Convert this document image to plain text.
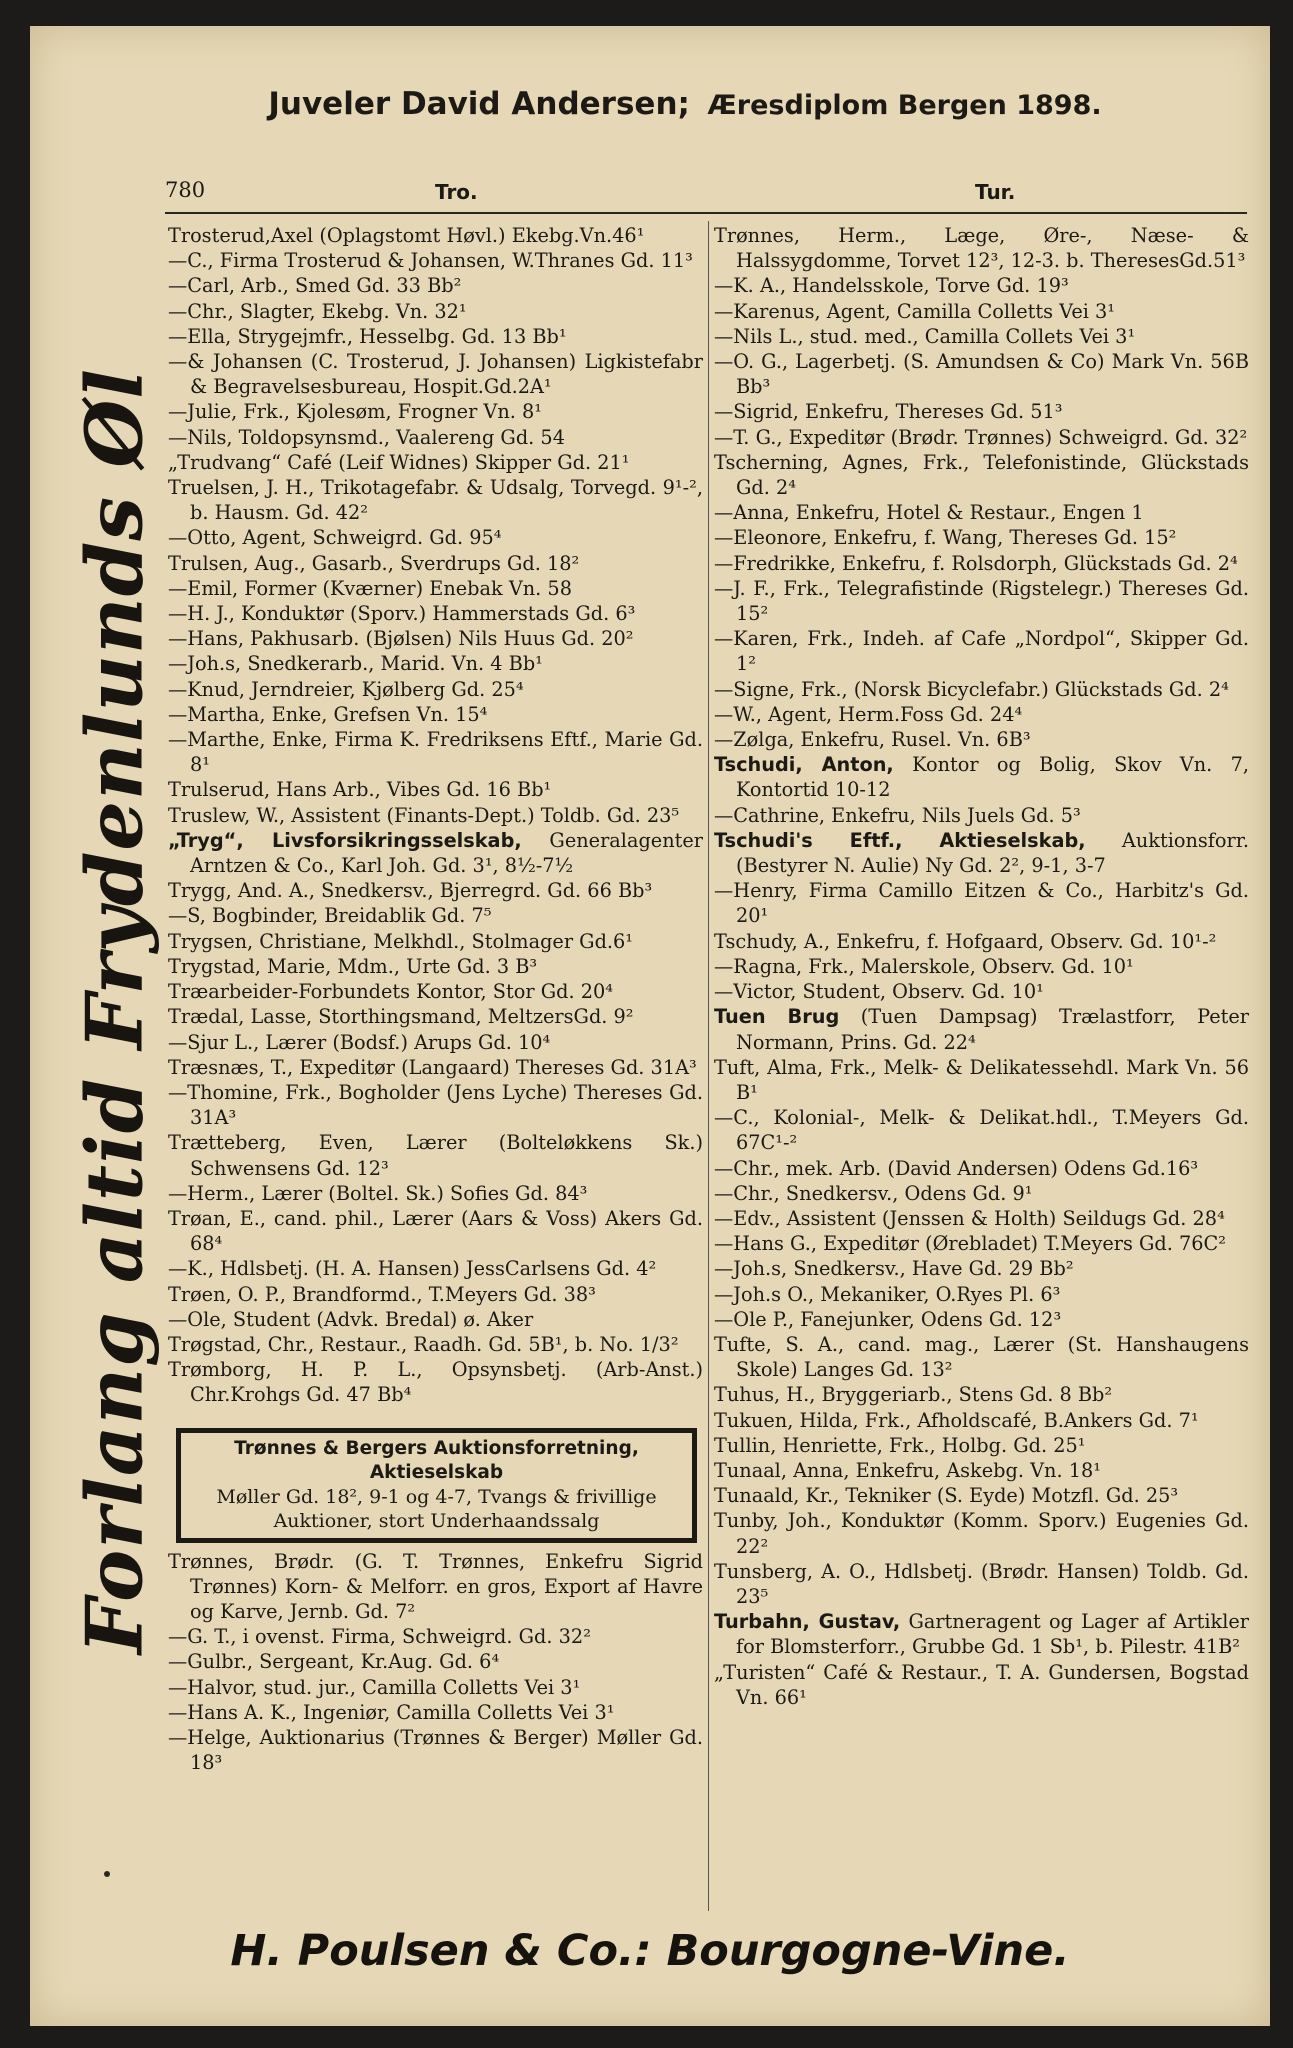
Juveler David Andersen; Æresdiplom Bergen 1898.
780	Tro.	Tur.
Forlang altid Frydenlunds Øl
Trosterud,Axel (Oplagstomt Høvl.) Ekebg.Vn.46¹
—C., Firma Trosterud & Johansen, W.Thranes Gd. 11³
—Carl, Arb., Smed Gd. 33 Bb²
—Chr., Slagter, Ekebg. Vn. 32¹
—Ella, Strygejmfr., Hesselbg. Gd. 13 Bb¹
—& Johansen (C. Trosterud, J. Johansen) Ligkistefabr & Begravelsesbureau, Hospit.Gd.2A¹
—Julie, Frk., Kjolesøm, Frogner Vn. 8¹
—Nils, Toldopsynsmd., Vaalereng Gd. 54
„Trudvang“ Café (Leif Widnes) Skipper Gd. 21¹
Truelsen, J. H., Trikotagefabr. & Udsalg, Torvegd. 9¹-², b. Hausm. Gd. 42²
—Otto, Agent, Schweigrd. Gd. 95⁴
Trulsen, Aug., Gasarb., Sverdrups Gd. 18²
—Emil, Former (Kværner) Enebak Vn. 58
—H. J., Konduktør (Sporv.) Hammerstads Gd. 6³
—Hans, Pakhusarb. (Bjølsen) Nils Huus Gd. 20²
—Joh.s, Snedkerarb., Marid. Vn. 4 Bb¹
—Knud, Jerndreier, Kjølberg Gd. 25⁴
—Martha, Enke, Grefsen Vn. 15⁴
—Marthe, Enke, Firma K. Fredriksens Eftf., Marie Gd. 8¹
Trulserud, Hans Arb., Vibes Gd. 16 Bb¹
Truslew, W., Assistent (Finants-Dept.) Toldb. Gd. 23⁵
„Tryg“, Livsforsikringsselskab, Generalagenter Arntzen & Co., Karl Joh. Gd. 3¹, 8½-7½
Trygg, And. A., Snedkersv., Bjerregrd. Gd. 66 Bb³
—S, Bogbinder, Breidablik Gd. 7⁵
Trygsen, Christiane, Melkhdl., Stolmager Gd.6¹
Trygstad, Marie, Mdm., Urte Gd. 3 B³
Træarbeider-Forbundets Kontor, Stor Gd. 20⁴
Trædal, Lasse, Storthingsmand, MeltzersGd. 9²
—Sjur L., Lærer (Bodsf.) Arups Gd. 10⁴
Træsnæs, T., Expeditør (Langaard) Thereses Gd. 31A³
—Thomine, Frk., Bogholder (Jens Lyche) Thereses Gd. 31A³
Trætteberg, Even, Lærer (Bolteløkkens Sk.) Schwensens Gd. 12³
—Herm., Lærer (Boltel. Sk.) Sofies Gd. 84³
Trøan, E., cand. phil., Lærer (Aars & Voss) Akers Gd. 68⁴
—K., Hdlsbetj. (H. A. Hansen) JessCarlsens Gd. 4²
Trøen, O. P., Brandformd., T.Meyers Gd. 38³
—Ole, Student (Advk. Bredal) ø. Aker
Trøgstad, Chr., Restaur., Raadh. Gd. 5B¹, b. No. 1/3²
Trømborg, H. P. L., Opsynsbetj. (Arb-Anst.) Chr.Krohgs Gd. 47 Bb⁴
Trønnes & Bergers Auktionsforretning,
Aktieselskab
Møller Gd. 18², 9-1 og 4-7, Tvangs & frivillige
Auktioner, stort Underhaandssalg
Trønnes, Brødr. (G. T. Trønnes, Enkefru Sigrid Trønnes) Korn- & Melforr. en gros, Export af Havre og Karve, Jernb. Gd. 7²
—G. T., i ovenst. Firma, Schweigrd. Gd. 32²
—Gulbr., Sergeant, Kr.Aug. Gd. 6⁴
—Halvor, stud. jur., Camilla Colletts Vei 3¹
—Hans A. K., Ingeniør, Camilla Colletts Vei 3¹
—Helge, Auktionarius (Trønnes & Berger) Møller Gd. 18³
Trønnes, Herm., Læge, Øre-, Næse- & Halssygdomme, Torvet 12³, 12-3. b. TheresesGd.51³
—K. A., Handelsskole, Torve Gd. 19³
—Karenus, Agent, Camilla Colletts Vei 3¹
—Nils L., stud. med., Camilla Collets Vei 3¹
—O. G., Lagerbetj. (S. Amundsen & Co) Mark Vn. 56B Bb³
—Sigrid, Enkefru, Thereses Gd. 51³
—T. G., Expeditør (Brødr. Trønnes) Schweigrd. Gd. 32²
Tscherning, Agnes, Frk., Telefonistinde, Glückstads Gd. 2⁴
—Anna, Enkefru, Hotel & Restaur., Engen 1
—Eleonore, Enkefru, f. Wang, Thereses Gd. 15²
—Fredrikke, Enkefru, f. Rolsdorph, Glückstads Gd. 2⁴
—J. F., Frk., Telegrafistinde (Rigstelegr.) Thereses Gd. 15²
—Karen, Frk., Indeh. af Cafe „Nordpol“, Skipper Gd. 1²
—Signe, Frk., (Norsk Bicyclefabr.) Glückstads Gd. 2⁴
—W., Agent, Herm.Foss Gd. 24⁴
—Zølga, Enkefru, Rusel. Vn. 6B³
Tschudi, Anton, Kontor og Bolig, Skov Vn. 7, Kontortid 10-12
—Cathrine, Enkefru, Nils Juels Gd. 5³
Tschudi's Eftf., Aktieselskab, Auktionsforr. (Bestyrer N. Aulie) Ny Gd. 2², 9-1, 3-7
—Henry, Firma Camillo Eitzen & Co., Harbitz's Gd. 20¹
Tschudy, A., Enkefru, f. Hofgaard, Observ. Gd. 10¹-²
—Ragna, Frk., Malerskole, Observ. Gd. 10¹
—Victor, Student, Observ. Gd. 10¹
Tuen Brug (Tuen Dampsag) Trælastforr, Peter Normann, Prins. Gd. 22⁴
Tuft, Alma, Frk., Melk- & Delikatessehdl. Mark Vn. 56 B¹
—C., Kolonial-, Melk- & Delikat.hdl., T.Meyers Gd. 67C¹-²
—Chr., mek. Arb. (David Andersen) Odens Gd.16³
—Chr., Snedkersv., Odens Gd. 9¹
—Edv., Assistent (Jenssen & Holth) Seildugs Gd. 28⁴
—Hans G., Expeditør (Ørebladet) T.Meyers Gd. 76C²
—Joh.s, Snedkersv., Have Gd. 29 Bb²
—Joh.s O., Mekaniker, O.Ryes Pl. 6³
—Ole P., Fanejunker, Odens Gd. 12³
Tufte, S. A., cand. mag., Lærer (St. Hanshaugens Skole) Langes Gd. 13²
Tuhus, H., Bryggeriarb., Stens Gd. 8 Bb²
Tukuen, Hilda, Frk., Afholdscafé, B.Ankers Gd. 7¹
Tullin, Henriette, Frk., Holbg. Gd. 25¹
Tunaal, Anna, Enkefru, Askebg. Vn. 18¹
Tunaald, Kr., Tekniker (S. Eyde) Motzfl. Gd. 25³
Tunby, Joh., Konduktør (Komm. Sporv.) Eugenies Gd. 22²
Tunsberg, A. O., Hdlsbetj. (Brødr. Hansen) Toldb. Gd. 23⁵
Turbahn, Gustav, Gartneragent og Lager af Artikler for Blomsterforr., Grubbe Gd. 1 Sb¹, b. Pilestr. 41B²
„Turisten“ Café & Restaur., T. A. Gundersen, Bogstad Vn. 66¹
H. Poulsen & Co.: Bourgogne-Vine.
